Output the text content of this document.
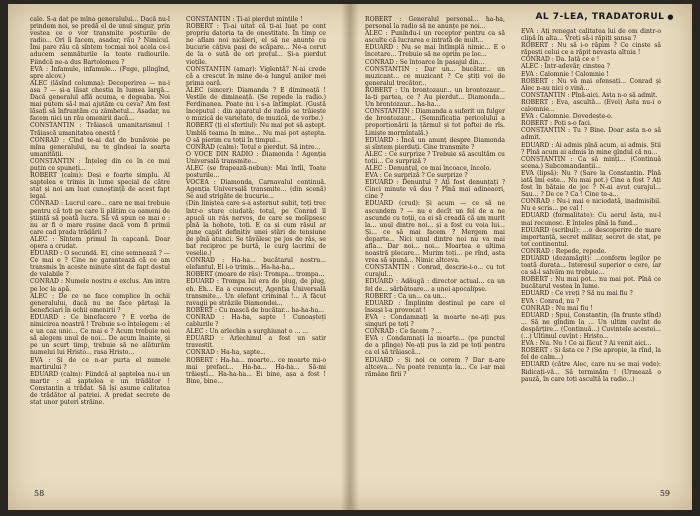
cale. S-a dat pe mîna generalului... Dacă nu-l prindem noi, se predă el de unul singur, prin vestea ce o vor transmite posturile de radio... Ori îi facem, asadar, rău ? Nimicul. Îmi pare rău că sîntem tocmai noi acela ce-i aducem semnăturile la toate radiourile. Fiindcă ne-a dus Bartolomeu ?

EVA : Infamule, infamule... (Fuge, plîngînd, spre alcov.)

ALEC (lăsînd columna): Decoperirea — nu-i asa ? — și-a lăsat chestia în lumea largă... Dacă generalul află acuma, e degeaba. Noi mai putem să-l mai ajutăm cu ceva? Am fost lăsați să înfruntăm cu zâmbetul... Asadar, nu facem nici un rău omenirii dacă...

CONSTANTIN : Trăiască umanitarismul ! Trăiască umanitatea onestă !

CONRAD : Cînd te-ai dat de bunăvoie pe mîna generalului, nu te gîndeai la soarta umanității.

CONSTANTIN : Înțeleg din ce în ce mai puțin ce spuneți...

ROBERT (calm): Deși e foarte simplu. Al saptelea e trimis în lume special de către stat și noi am luat cunoștință de acest fapt legal.

CONRAD : Lucrul care... care ne mai trebuie pentru că toți pe care îi plătim ca oameni de știință să poată lucra. Să vă spun ce mai e : nu ar fi o mare rușine dacă vom fi primii care cad prada trădării ?

ALEC : Sîntem primul în capcană. Doar opera a crudat.

EDUARD : O secundă. El, cine semnează ? — Ce mai e ? Cine ne garantează că ce am transmis în aceste minute sînt de fapt destul de valabile ?

CONRAD : Numele nostru e exclus. Am intra pe loc la apă.

ALEC : De ce ne face complice în ochii generalului, dacă nu ne face părtași la beneficiari în ochii omenirii ?

EDUARD : Ce binefacere ? E vorba de nimicirea noastră ! Trebuie s-o înțelegem : el e un caz unic... Ce mai e ? Acum trebuie noi să alegem unul de noi... De acum înainte, și pe un scurt timp, trebuie să ne alăturăm numelui lui Hristo... rasa Hristo...

EVA : Și de ce n-ar purta el numele martirului ?

EDUARD (calm): Fiindcă al șaptelea nu-i un martir : al șaptelea e un trădător ! Constantin a trădat. Să își asume calitatea de trădător al patriei. A predat secrete de stat unor puteri străine.

CONSTANTIN : Ți-ai pierdut mințile !

ROBERT : Ți-ai uitat că ți-ai luat pe cont propriu datoria ta de onestitate. În timp ce ne aflam noi nicăieri, el să ne anunțe cu bucurie câțiva pași de scăpare... Ne-a cerut de la o sută de ori prețul... Și-a pierdut viețile.

CONSTANTIN (amar): Viglentă? N-ai crede că a crescut în mine de-a lungul anilor mei prima oară.

ALEC (sincer): Diamanda ? E dimineață ! Vestile de dimineață. (Se repede la radio.) Ferdinanea. Poate nu i s-a întîmplat. (Gustă începutul : din aparatul de radio se trăiește o muzică de varietate, de muzică, de vorbe.)

ROBERT (ți el sfertiul): Nu mai pot să aștept. Umblă teama în mine... Nu mai pot aștepta. O să pierim cu toții în timpul...

CONRAD (calm): Totul e pierdut. Să intre...

O VOCE DIN RADIO : Diamonda ! Agenția Universală transmite...

ALEC (se frapează-nebun): Mai întîi, Toate posturile...

VOCEA : Diamonda, Carnavalul continuă. Agenția Universală transmite... (din scenă) Se aud strigăte de bucurie...

(Din liniștea care s-a așternut subit, toți trec într-o stare ciudată; totul, pe Conrad îl apucă un râs nervos, de care se molipsesc pînă la hohote, toți. E ca și cum răsul ar pune capăt definitiv unei stări de tensiune de pînă atunci. Se tăvălesc pe jos de râs, se bat reciproc pe burtă, le curg lacrimi de veselie.)

CONRAD : Ha-ha... bucătarul nostru... elefantul. El i-o trimis... Ha-ha-ha...

ROBERT (moare de râs): Trompa... trompa...

EDUARD : Trompa lui era de plug, de plug, eh. Eh... Ea a cunoscut, Agenția Universală transmite... Un elefant criminal !... A făcut ravagii pe străzile Diamondei...

ROBERT : Cu mască de bucătar... ha-ha-ha...

CONRAD : Ha-ha, sapte ! Cunoașteți cablurile ?

ALEC : Un arlechin a surghiunat o ... ...

EDUARD : Arlechinul a fost un satir travestit.

CONRAD : Ha-ha, sapte...

ROBERT : Ha-ha... moarte... ce moarte mi-o mai prefaci... Ha-ha... Ha-ha... Să-mi trăiești... Ha-ha-ha... Ei bine, așa a fost ! Bine, bine...

58
AL 7-LEA, TRADATORUL ●

ROBERT : Generalul personal... ha-ha, personal la radio să ne anunțe pe noi...

ALEC : Punîndu-i un receptor pentru ca să asculte că lucrarea e intrată de mult...

EDUARD : Nu se mai întîmplă nimic... E o încetare... Trebuie să ne oprim pe loc...

CONRAD : Se întoarce în pasajul din...

CONSTANTIN : Dar un... bucătar... un muzicant... ce muzicant ? Ce știți voi de generalul trecător...

ROBERT : Un brontozaur... un brontozaur... Ia-ți partea, ce ? Au pierdut... Diamonda... Un brontozaur... ha-ha...

CONSTANTIN : Diamanda a suferit un fulger de brontozaur... (Semnificația pericolului a proporționării la țărmul și tot poftei de rîs. Liniște mormîntală.)

EDUARD : Încă un anunț despre Diamonda și sîntem pierduți. Cine transmite ?

ALEC : Ce surprize ? Trebuie să ascultăm cu toții... Ce surpriză ?

ALEC : Denunțul, ce mai încoace, încolo.

EVA : Ce surpriză ? Ce surprize ?

EDUARD : Denunțul ? Ați fost denunțați ? Cinci minute vă dau ? Pînă mai adineaori, cine ?

EDUARD (crud): Și acum — ce să ne ascundem ? — nu e decît un fel de a ne ascunde cu toții, ca ei să creadă că am murit la... unul dintre noi... și a fost cu voia lui... Și... ce să mai facem ? Mergem mai departe... Nici unul dintre noi nu va mai afla... Dar noi... noi... Moartea e ultima noastră plecare... Murim toți... pe rînd, asta vrea să spună... Nimic altceva.

CONSTANTIN : Conrad, descrie-i-o... cu tot curajul...

EDUARD : Adăugă : director actual... ca un fel de... sărbătoare... a unei apocalipse.

ROBERT : Ca un... ca un...

EDUARD : Împlinim destinul pe care el însuși l-a provocat !

EVA : Condamnați la moarte ne-ați pus singuri pe toți ?

CONRAD : Ce facem ? ...

EVA : Condamnați la moarte... (pe punctul de a plînge) Ne-ați pus la zid pe toți pentru ca el să trăiască...

EDUARD : Și noi ce cerem ? Dar n-are altceva... Nu poate renunța la... Ce i-ar mai rămâne firii ?

EVA : Ați renegat calitatea lui de om dintr-o clipă în alta... Vreți să-i răpiți șansa ?

ROBERT : Nu să i-o răpim ? Ce cinste să răpești celui ce a răpit nevasta altuia !

CONRAD : Da. Iată ce e !

ALEC : Într-adevăr, cinstea ?

EVA : Calomnie ! Calomnie !

ROBERT : Nu vă mai ofensați... Conrad și Alec n-au nici o vină...

CONSTANTIN : Pînă-aici. Asta n-o să admit.

ROBERT : Eva, ascultă... (Evei) Asta nu-i o calomnie...

EVA : Calomnie. Dovedește-o.

ROBERT : Poți s-o faci.

CONSTANTIN : Tu ? Bine. Doar asta n-o să admit.

EDUARD : Ai admis pînă acum, ai admis. Știi ? Pînă acum ai admis în mine gîndul că nu...

CONSTANTIN : Ca să minți... (Continuă scena.) Subcomandanții...

EVA (lipsă): Nu ? (Sare la Constantin. Pînă iată îmi este... Nu mai pot.) Cine a fost ? Ați fost în bătaie de joc ? N-ai avut curajul... Sau... ? De ce ? Ca ! Cine te-a...

CONRAD : Nu-i mai e niciodată, inadmisibil. Nu e scris... pe cal !

EDUARD (formalitate): Cu aerul ăsta, nu-l mai recunosc. E înțeles pînă la fund...

EDUARD (scribul): ...o descoperire de mare importanță, secret militar, secret de stat, pe tot continentul.

CONRAD : Repede, repede.

EDUARD (dezamăgit): ...conform legilor pe toată durata... Interesul superior o cere, iar ca să-l salvăm nu trebuie...

ROBERT : Nu mai pot... nu mai pot. Pînă ce bucătarul vestea în lume.

EDUARD : Ce vreți ? Să nu mai fiu ?

EVA : Conrad, nu ?

CONRAD : Nu mai fiu !

EDUARD : Spui, Constantin, (In frunte stînd) ... Să ne gîndim la ... Un ultim cuvînt de despărțire... (Continuă...) Cuvintele acestei... (...) Ultimul cuvînt : Hristo...

EVA : Nu. Nu ! Ce ai făcut ? Ai venit aici...

ROBERT : Și ăsta ce ? (Se apropie, la rînd, la fel de calm...)

EDUARD (către Alec, care nu se mai vede): Ridicați-vă... Să terminăm ! (Urmează o pauză, în care toți ascultă la radio...)

59
